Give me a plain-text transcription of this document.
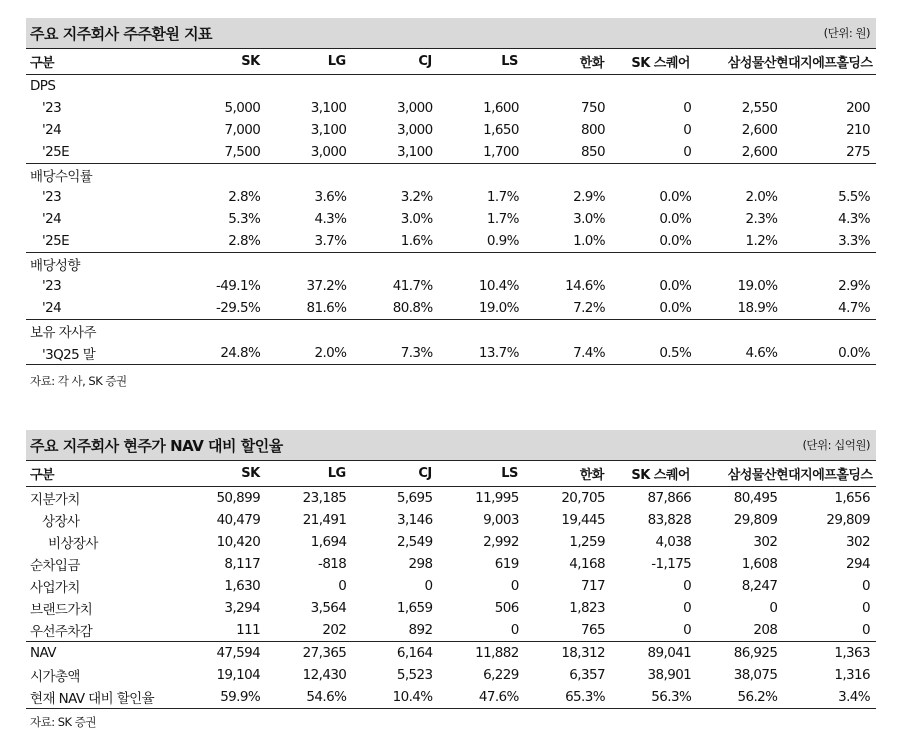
주요 지주회사 주주환원 지표	(단위: 원)
구분	SK	LG	CJ	LS	한화	SK 스퀘어	삼성물산 현대지에프홀딩스
DPS
'23	5,000	3,100	3,000	1,600	750	0	2,550	200
'24	7,000	3,100	3,000	1,650	800	0	2,600	210
'25E	7,500	3,000	3,100	1,700	850	0	2,600	275
배당수익률
'23	2.8%	3.6%	3.2%	1.7%	2.9%	0.0%	2.0%	5.5%
'24	5.3%	4.3%	3.0%	1.7%	3.0%	0.0%	2.3%	4.3%
'25E	2.8%	3.7%	1.6%	0.9%	1.0%	0.0%	1.2%	3.3%
배당성향
'23	-49.1%	37.2%	41.7%	10.4%	14.6%	0.0%	19.0%	2.9%
'24	-29.5%	81.6%	80.8%	19.0%	7.2%	0.0%	18.9%	4.7%
보유 자사주
'3Q25 말	24.8%	2.0%	7.3%	13.7%	7.4%	0.5%	4.6%	0.0%
자료: 각 사, SK 증권
주요 지주회사 현주가 NAV 대비 할인율	(단위: 십억원)
구분	SK	LG	CJ	LS	한화	SK 스퀘어	삼성물산 현대지에프홀딩스
지분가치	50,899	23,185	5,695	11,995	20,705	87,866	80,495	1,656
상장사	40,479	21,491	3,146	9,003	19,445	83,828	29,809	29,809
비상장사	10,420	1,694	2,549	2,992	1,259	4,038	302	302
순차입금	8,117	-818	298	619	4,168	-1,175	1,608	294
사업가치	1,630	0	0	0	717	0	8,247	0
브랜드가치	3,294	3,564	1,659	506	1,823	0	0	0
우선주차감	111	202	892	0	765	0	208	0
NAV	47,594	27,365	6,164	11,882	18,312	89,041	86,925	1,363
시가총액	19,104	12,430	5,523	6,229	6,357	38,901	38,075	1,316
현재 NAV 대비 할인율	59.9%	54.6%	10.4%	47.6%	65.3%	56.3%	56.2%	3.4%
자료: SK 증권
